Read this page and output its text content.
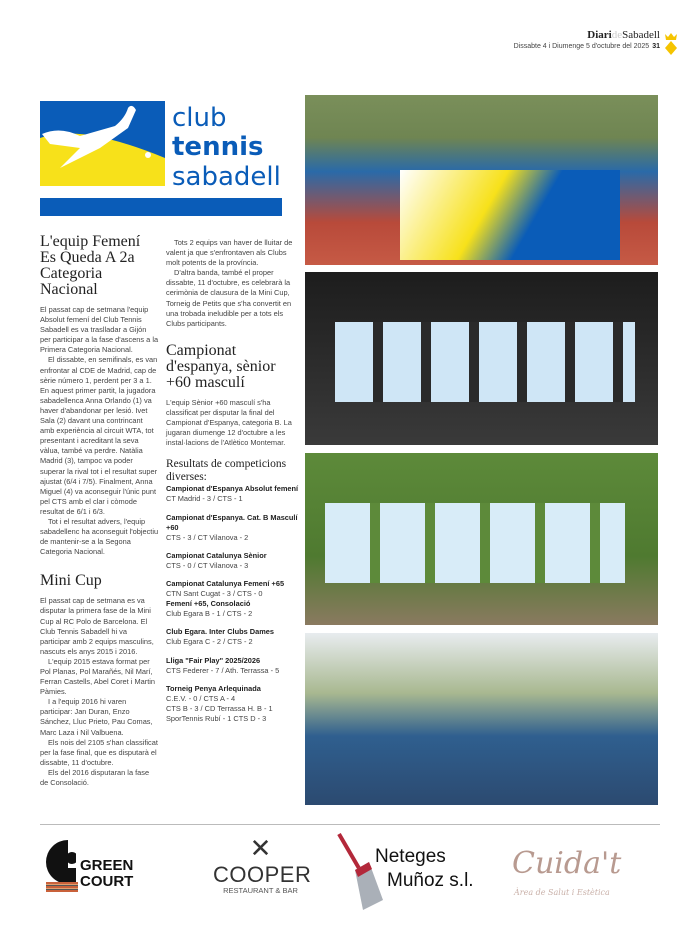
DiarideSabadell
Dissabte 4 i Diumenge 5 d'octubre del 2025 31
club
tennis
sabadell
L'equip Femení Es Queda A 2a Categoria Nacional

El passat cap de setmana l'equip Absolut femení del Club Tennis Sabadell es va traslladar a Gijón per participar a la fase d'ascens a la Primera Categoria Nacional.

El dissabte, en semifinals, es van enfrontar al CDE de Madrid, cap de sèrie número 1, perdent per 3 a 1. En aquest primer partit, la jugadora sabadellenca Anna Orlando (1) va haver d'abandonar per lesió. Ivet Sala (2) davant una contrincant amb experiència al circuit WTA, tot presentant i acreditant la seva vàlua, també va perdre. Natàlia Madrid (3), tampoc va poder superar la rival tot i el resultat super ajustat (6/4 i 7/5). Finalment, Anna Miguel (4) va aconseguir l'únic punt pel CTS amb el clar i còmode resultat de 6/1 i 6/3.

Tot i el resultat advers, l'equip sabadellenc ha aconseguit l'objectiu de mantenir-se a la Segona Categoria Nacional.

Mini Cup

El passat cap de setmana es va disputar la primera fase de la Mini Cup al RC Polo de Barcelona. El Club Tennis Sabadell hi va participar amb 2 equips masculins, nascuts els anys 2015 i 2016.

L'equip 2015 estava format per Pol Planas, Pol Marañés, Nil Marí, Ferran Castells, Abel Coret i Martin Pàmies.

I a l'equip 2016 hi varen participar: Jan Duran, Enzo Sánchez, Lluc Prieto, Pau Comas, Marc Laza i Nil Valbuena.

Els nois del 2105 s'han classificat per la fase final, que es disputarà el dissabte, 11 d'octubre.

Els del 2016 disputaran la fase de Consolació.

Tots 2 equips van haver de lluitar de valent ja que s'enfrontaven als Clubs molt potents de la província.

D'altra banda, també el proper dissabte, 11 d'octubre, es celebrarà la cerimònia de clausura de la Mini Cup, Torneig de Petits que s'ha convertit en una trobada ineludible per a tots els Clubs participants.

Campionat d'espanya, sènior +60 masculí

L'equip Sènior +60 masculí s'ha classificat per disputar la final del Campionat d'Espanya, categoria B. La jugaran diumenge 12 d'octubre a les instal·lacions de l'Atlètico Montemar.

Resultats de competicions diverses:
Campionat d'Espanya Absolut femení
CT Madrid - 3 / CTS - 1
Campionat d'Espanya. Cat. B Masculí +60
CTS - 3 / CT Vilanova - 2
Campionat Catalunya Sènior
CTS - 0 / CT Vilanova - 3
Campionat Catalunya Femení +65
CTN Sant Cugat - 3 / CTS - 0
Femení +65, Consolació
Club Egara B - 1 / CTS - 2
Club Egara. Inter Clubs Dames
Club Egara C - 2 / CTS - 2
Lliga "Fair Play" 2025/2026
CTS Federer - 7 / Ath. Terrassa - 5
Torneig Penya Arlequinada
C.E.V. - 0 / CTS A - 4
CTS B - 3 / CD Terrassa H. B - 1
SporTennis Rubí - 1 CTS D - 3
GREEN
COURT
✕
COOPER
RESTAURANT & BAR
Neteges
Muñoz s.l. Cuida't
Àrea de Salut i Estètica
